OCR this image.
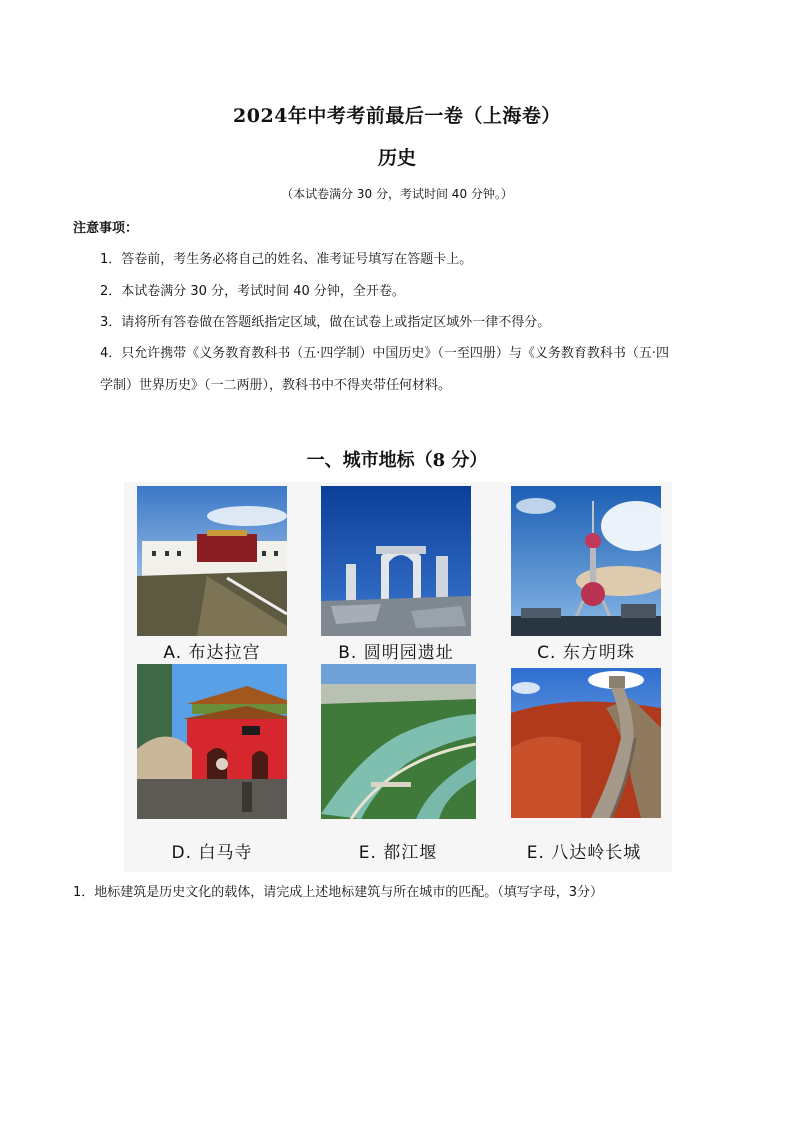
2024年中考考前最后一卷（上海卷）
历史
（本试卷满分 30 分，考试时间 40 分钟。）
注意事项：
1．答卷前，考生务必将自己的姓名、准考证号填写在答题卡上。
2．本试卷满分 30 分，考试时间 40 分钟，全开卷。
3．请将所有答卷做在答题纸指定区域，做在试卷上或指定区域外一律不得分。
4．只允许携带《义务教育教科书（五·四学制）中国历史》（一至四册）与《义务教育教科书（五·四
学制）世界历史》（一二两册），教科书中不得夹带任何材料。
一、城市地标（8 分）
A. 布达拉宫	B. 圆明园遗址	C. 东方明珠
D. 白马寺	E. 都江堰	E. 八达岭长城
1．地标建筑是历史文化的载体，请完成上述地标建筑与所在城市的匹配。（填写字母，3分）
